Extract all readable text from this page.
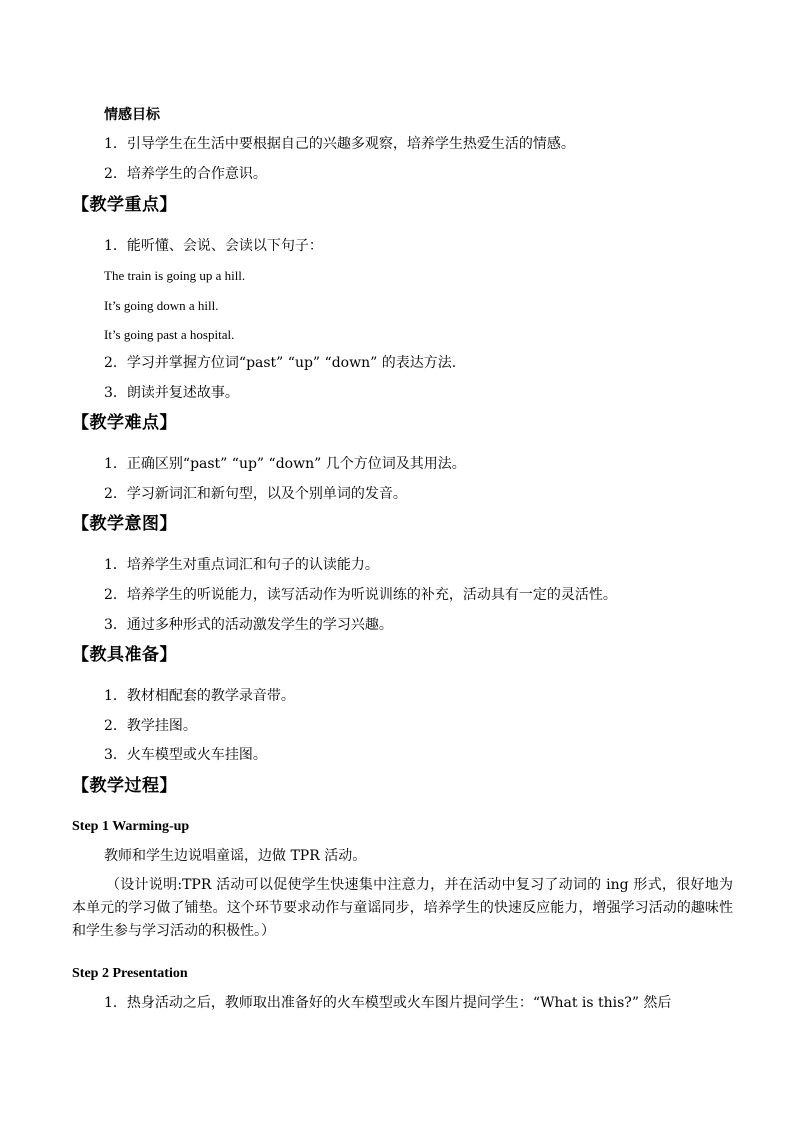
情感目标
1．引导学生在生活中要根据自己的兴趣多观察，培养学生热爱生活的情感。
2．培养学生的合作意识。
【教学重点】
1．能听懂、会说、会读以下句子：
The train is going up a hill.
It’s going down a hill.
It’s going past a hospital.
2．学习并掌握方位词“past” “up” “down” 的表达方法.
3．朗读并复述故事。
【教学难点】
1．正确区别“past” “up” “down” 几个方位词及其用法。
2．学习新词汇和新句型，以及个别单词的发音。
【教学意图】
1．培养学生对重点词汇和句子的认读能力。
2．培养学生的听说能力，读写活动作为听说训练的补充，活动具有一定的灵活性。
3．通过多种形式的活动激发学生的学习兴趣。
【教具准备】
1．教材相配套的教学录音带。
2．教学挂图。
3．火车模型或火车挂图。
【教学过程】
Step 1 Warming-up
教师和学生边说唱童谣，边做 TPR 活动。
（设计说明:TPR 活动可以促使学生快速集中注意力，并在活动中复习了动词的 ing 形式，很好地为本单元的学习做了铺垫。这个环节要求动作与童谣同步，培养学生的快速反应能力，增强学习活动的趣味性和学生参与学习活动的积极性。）
Step 2 Presentation
1．热身活动之后，教师取出准备好的火车模型或火车图片提问学生：“What is this?” 然后
